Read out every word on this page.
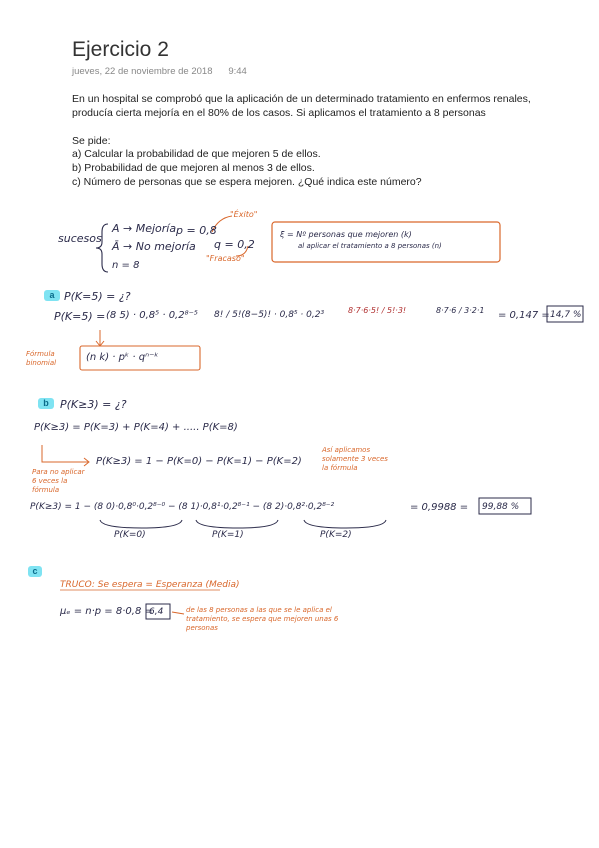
Ejercicio 2
jueves, 22 de noviembre de 2018 9:44
En un hospital se comprobó que la aplicación de un determinado tratamiento en enfermos renales, producía cierta mejoría en el 80% de los casos. Si aplicamos el tratamiento a 8 personas
Se pide:
a) Calcular la probabilidad de que mejoren 5 de ellos.
b) Probabilidad de que mejoren al menos 3 de ellos.
c) Número de personas que se espera mejoren. ¿Qué indica este número?
sucesos
A → Mejoría
Ā → No mejoría
n = 8
p = 0,8
q = 0,2
"Éxito"
"Fracaso"
ξ = Nº personas que mejoren (k)
al aplicar el tratamiento a 8 personas (n)
a P(K=5) = ¿?
P(K=5) = (8 5) · 0,8⁵ · 0,2⁸⁻⁵ 8! / 5!(8−5)! · 0,8⁵ · 0,2³	8·7·6·5! / 5!·3!	8·7·6 / 3·2·1 = 0,147 = 14,7 %
Fórmula binomial	(n k) · pᵏ · qⁿ⁻ᵏ
b	P(K≥3) = ¿?
P(K≥3) = P(K=3) + P(K=4) + ..... P(K=8)
P(K≥3) = 1 − P(K=0) − P(K=1) − P(K=2)
Para no aplicar 6 veces la fórmula
Así aplicamos solamente 3 veces la fórmula
P(K≥3) = 1 − (8 0)·0,8⁰·0,2⁸⁻⁰ − (8 1)·0,8¹·0,2⁸⁻¹ − (8 2)·0,8²·0,2⁸⁻²
P(K=0)	P(K=1)	P(K=2)
= 0,9988 = 99,88 %
c
TRUCO: Se espera = Esperanza (Media)
μₑ = n·p = 8·0,8 =
6,4	de las 8 personas a las que se le aplica el tratamiento, se espera que mejoren unas 6 personas
